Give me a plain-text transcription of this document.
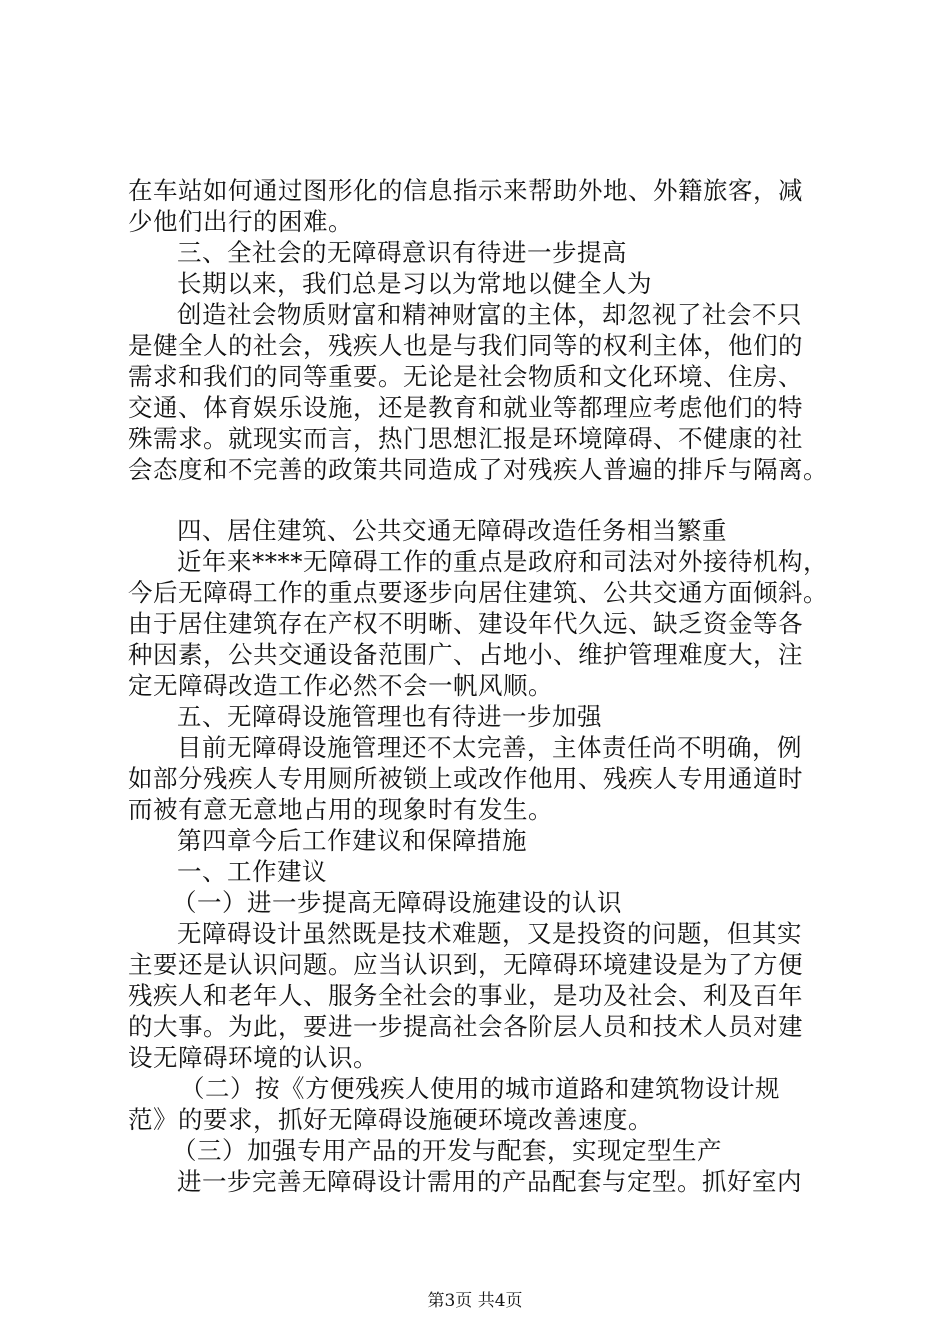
在车站如何通过图形化的信息指示来帮助外地、外籍旅客，减
少他们出行的困难。
三、全社会的无障碍意识有待进一步提高
长期以来，我们总是习以为常地以健全人为
创造社会物质财富和精神财富的主体，却忽视了社会不只
是健全人的社会，残疾人也是与我们同等的权利主体，他们的
需求和我们的同等重要。无论是社会物质和文化环境、住房、
交通、体育娱乐设施，还是教育和就业等都理应考虑他们的特
殊需求。就现实而言，热门思想汇报是环境障碍、不健康的社
会态度和不完善的政策共同造成了对残疾人普遍的排斥与隔离。
四、居住建筑、公共交通无障碍改造任务相当繁重
近年来****无障碍工作的重点是政府和司法对外接待机构，
今后无障碍工作的重点要逐步向居住建筑、公共交通方面倾斜。
由于居住建筑存在产权不明晰、建设年代久远、缺乏资金等各
种因素，公共交通设备范围广、占地小、维护管理难度大，注
定无障碍改造工作必然不会一帆风顺。
五、无障碍设施管理也有待进一步加强
目前无障碍设施管理还不太完善，主体责任尚不明确，例
如部分残疾人专用厕所被锁上或改作他用、残疾人专用通道时
而被有意无意地占用的现象时有发生。
第四章今后工作建议和保障措施
一、工作建议
（一）进一步提高无障碍设施建设的认识
无障碍设计虽然既是技术难题，又是投资的问题，但其实
主要还是认识问题。应当认识到，无障碍环境建设是为了方便
残疾人和老年人、服务全社会的事业，是功及社会、利及百年
的大事。为此，要进一步提高社会各阶层人员和技术人员对建
设无障碍环境的认识。
（二）按《方便残疾人使用的城市道路和建筑物设计规
范》的要求，抓好无障碍设施硬环境改善速度。
（三）加强专用产品的开发与配套，实现定型生产
进一步完善无障碍设计需用的产品配套与定型。抓好室内
第3页 共4页
